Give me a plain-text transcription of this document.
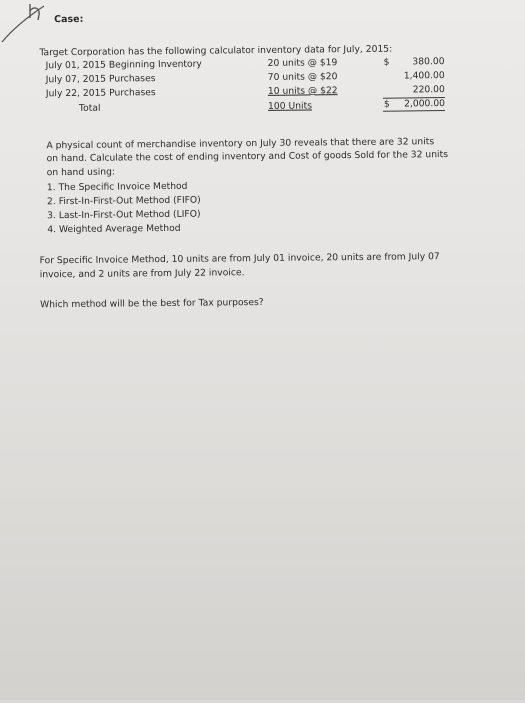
Case:
Target Corporation has the following calculator inventory data for July, 2015:
July 01, 2015 Beginning Inventory	20 units @ $19	$	380.00
July 07, 2015 Purchases	70 units @ $20	1,400.00
July 22, 2015 Purchases	10 units @ $22	220.00
Total	100 Units	$	2,000.00
A physical count of merchandise inventory on July 30 reveals that there are 32 units
on hand. Calculate the cost of ending inventory and Cost of goods Sold for the 32 units
on hand using:
1. The Specific Invoice Method
2. First-In-First-Out Method (FIFO)
3. Last-In-First-Out Method (LIFO)
4. Weighted Average Method
For Specific Invoice Method, 10 units are from July 01 invoice, 20 units are from July 07
invoice, and 2 units are from July 22 invoice.
Which method will be the best for Tax purposes?
